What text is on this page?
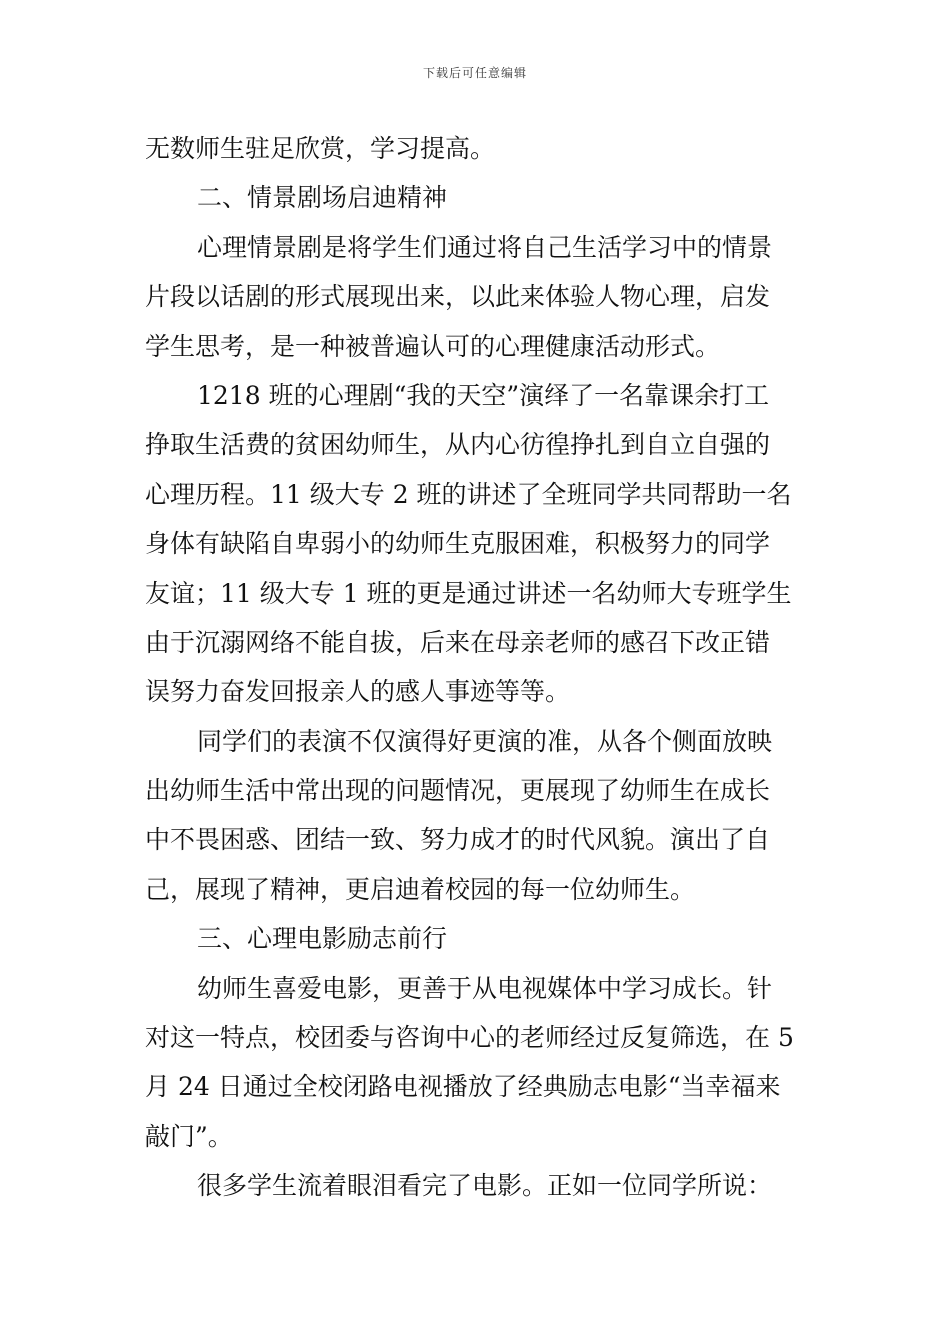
下载后可任意编辑
无数师生驻足欣赏，学习提高。
二、情景剧场启迪精神
心理情景剧是将学生们通过将自己生活学习中的情景
片段以话剧的形式展现出来，以此来体验人物心理，启发
学生思考，是一种被普遍认可的心理健康活动形式。
1218 班的心理剧“我的天空”演绎了一名靠课余打工
挣取生活费的贫困幼师生，从内心彷徨挣扎到自立自强的
心理历程。11 级大专 2 班的讲述了全班同学共同帮助一名
身体有缺陷自卑弱小的幼师生克服困难，积极努力的同学
友谊；11 级大专 1 班的更是通过讲述一名幼师大专班学生
由于沉溺网络不能自拔，后来在母亲老师的感召下改正错
误努力奋发回报亲人的感人事迹等等。
同学们的表演不仅演得好更演的准，从各个侧面放映
出幼师生活中常出现的问题情况，更展现了幼师生在成长
中不畏困惑、团结一致、努力成才的时代风貌。演出了自
己，展现了精神，更启迪着校园的每一位幼师生。
三、心理电影励志前行
幼师生喜爱电影，更善于从电视媒体中学习成长。针
对这一特点，校团委与咨询中心的老师经过反复筛选，在 5
月 24 日通过全校闭路电视播放了经典励志电影“当幸福来
敲门”。
很多学生流着眼泪看完了电影。正如一位同学所说：
